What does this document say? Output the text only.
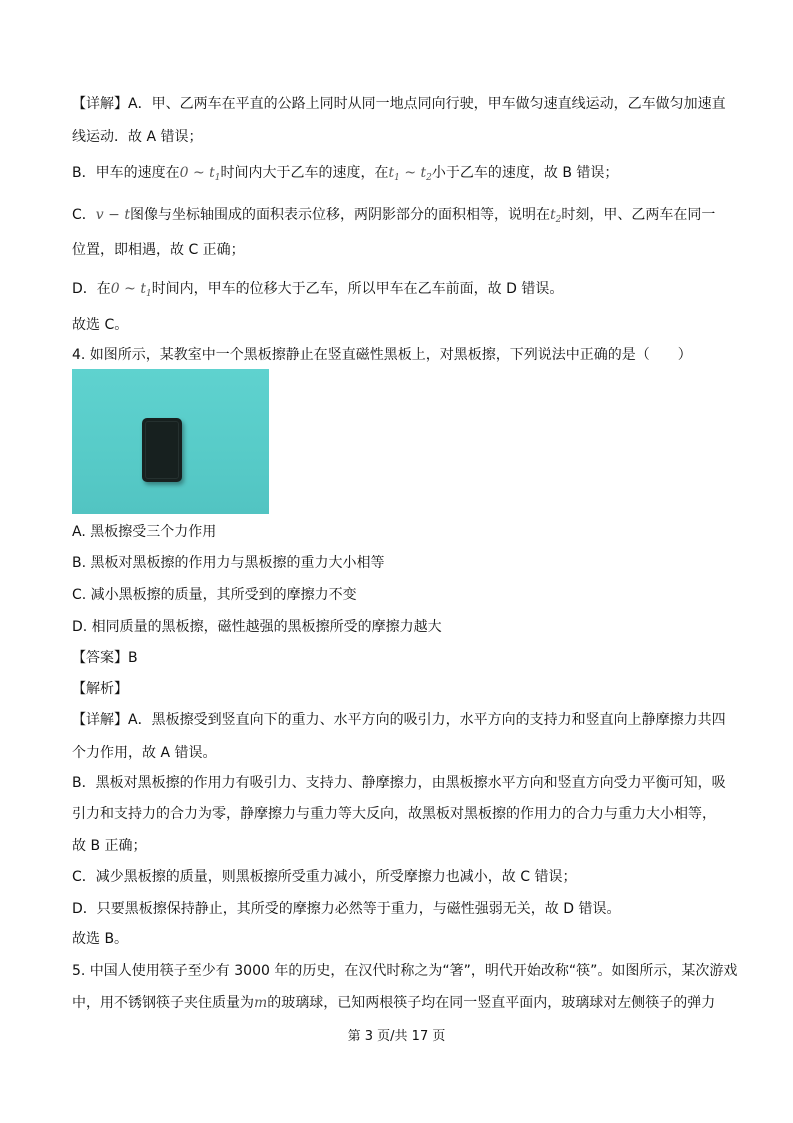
【详解】A．甲、乙两车在平直的公路上同时从同一地点同向行驶，甲车做匀速直线运动，乙车做匀加速直
线运动．故 A 错误；
B．甲车的速度在0 ~ $t_1$时间内大于乙车的速度，在$t_1$ ~ $t_2$小于乙车的速度，故 B 错误；
C．v − t图像与坐标轴围成的面积表示位移，两阴影部分的面积相等，说明在$t_2$时刻，甲、乙两车在同一
位置，即相遇，故 C 正确；
D．在0 ~ $t_1$时间内，甲车的位移大于乙车，所以甲车在乙车前面，故 D 错误。
故选 C。
4. 如图所示，某教室中一个黑板擦静止在竖直磁性黑板上，对黑板擦，下列说法中正确的是（　　）
A. 黑板擦受三个力作用
B. 黑板对黑板擦的作用力与黑板擦的重力大小相等
C. 减小黑板擦的质量，其所受到的摩擦力不变
D. 相同质量的黑板擦，磁性越强的黑板擦所受的摩擦力越大
【答案】B
【解析】
【详解】A．黑板擦受到竖直向下的重力、水平方向的吸引力，水平方向的支持力和竖直向上静摩擦力共四
个力作用，故 A 错误。
B．黑板对黑板擦的作用力有吸引力、支持力、静摩擦力，由黑板擦水平方向和竖直方向受力平衡可知，吸
引力和支持力的合力为零，静摩擦力与重力等大反向，故黑板对黑板擦的作用力的合力与重力大小相等，
故 B 正确；
C．减少黑板擦的质量，则黑板擦所受重力减小，所受摩擦力也减小，故 C 错误；
D．只要黑板擦保持静止，其所受的摩擦力必然等于重力，与磁性强弱无关，故 D 错误。
故选 B。
5. 中国人使用筷子至少有 3000 年的历史，在汉代时称之为“箸”，明代开始改称“筷”。如图所示，某次游戏
中，用不锈钢筷子夹住质量为m的玻璃球，已知两根筷子均在同一竖直平面内，玻璃球对左侧筷子的弹力
第 3 页/共 17 页
